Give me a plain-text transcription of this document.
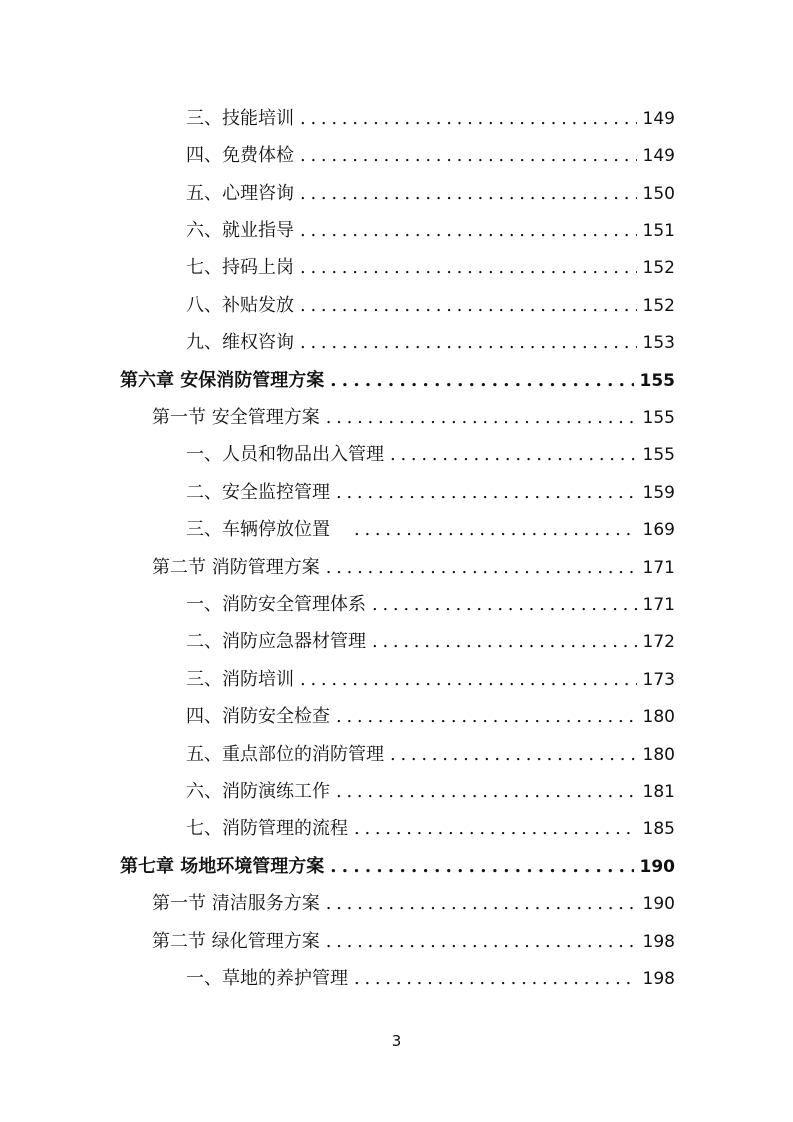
三、技能培训 . . .	149
四、免费体检 . . .	149
五、心理咨询 . . .	150
六、就业指导 . . .	151
七、持码上岗 . . .	152
八、补贴发放 . . .	152
九、维权咨询 . . .	153
第六章 安保消防管理方案 . . .	155
第一节 安全管理方案 . . .	155
一、人员和物品出入管理 . . .	155
二、安全监控管理 . . .	159
三、车辆停放位置 . . .	169
第二节 消防管理方案 . . .	171
一、消防安全管理体系 . . .	171
二、消防应急器材管理 . . .	172
三、消防培训 . . .	173
四、消防安全检查 . . .	180
五、重点部位的消防管理 . . .	180
六、消防演练工作 . . .	181
七、消防管理的流程 . . .	185
第七章 场地环境管理方案 . . .	190
第一节 清洁服务方案 . . .	190
第二节 绿化管理方案 . . .	198
一、草地的养护管理 . . .	198
3
